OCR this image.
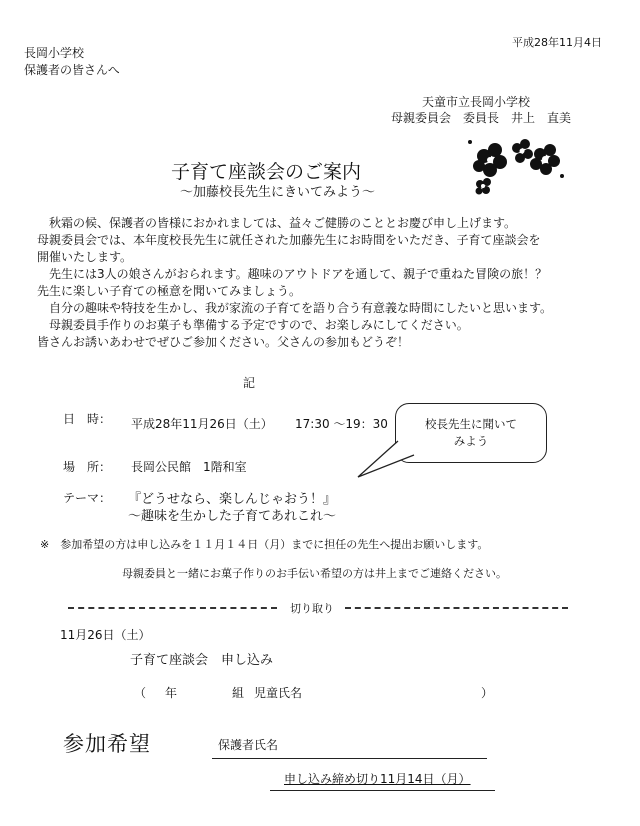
平成28年11月4日
長岡小学校
保護者の皆さんへ
天童市立長岡小学校
母親委員会　委員長　井上　直美
子育て座談会のご案内
～加藤校長先生にきいてみよう～

　秋霜の候、保護者の皆様におかれましては、益々ご健勝のこととお慶び申し上げます。

母親委員会では、本年度校長先生に就任された加藤先生にお時間をいただき、子育て座談会を

開催いたします。

　先生には3人の娘さんがおられます。趣味のアウトドアを通して、親子で重ねた冒険の旅！？

先生に楽しい子育ての極意を聞いてみましょう。

　自分の趣味や特技を生かし、我が家流の子育てを語り合う有意義な時間にしたいと思います。

　母親委員手作りのお菓子も準備する予定ですので、お楽しみにしてください。

皆さんお誘いあわせでぜひご参加ください。父さんの参加もどうぞ！

記
日　時： 平成28年11月26日（土） 17:30 ～19：30
場　所： 長岡公民館　1階和室
テーマ： 『どうせなら、楽しんじゃおう！』
～趣味を生かした子育てあれこれ～
校長先生に聞いて
みよう
※　参加希望の方は申し込みを１１月１４日（月）までに担任の先生へ提出お願いします。
母親委員と一緒にお菓子作りのお手伝い希望の方は井上までご連絡ください。
切り取り
11月26日（土）
子育て座談会　申し込み
（ 年	組 児童氏名	）
参加希望	保護者氏名
申し込み締め切り11月14日（月）
